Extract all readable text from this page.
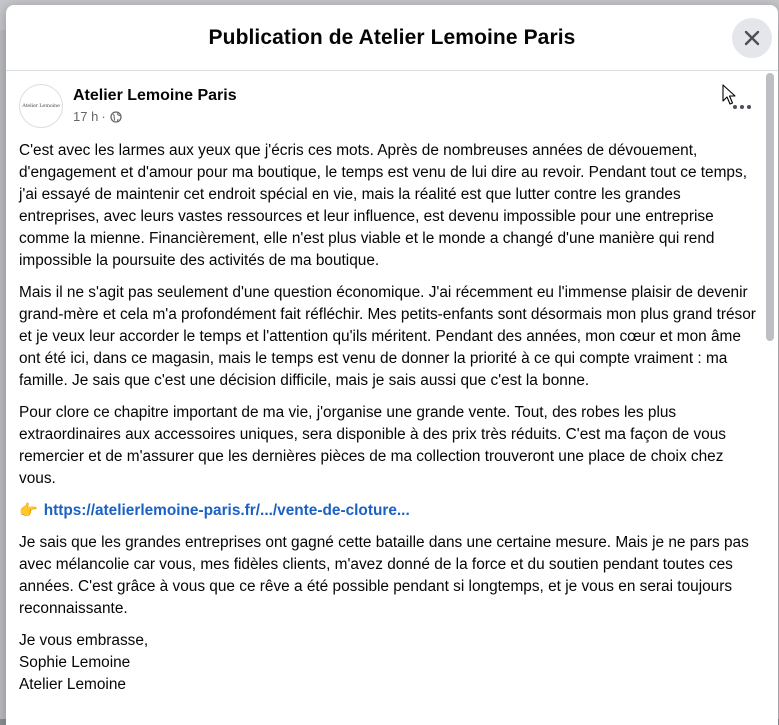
Publication de Atelier Lemoine Paris
Atelier Lemoine
Atelier Lemoine Paris
17 h ·

C'est avec les larmes aux yeux que j'écris ces mots. Après de nombreuses années de dévouement, d'engagement et d'amour pour ma boutique, le temps est venu de lui dire au revoir. Pendant tout ce temps, j'ai essayé de maintenir cet endroit spécial en vie, mais la réalité est que lutter contre les grandes entreprises, avec leurs vastes ressources et leur influence, est devenu impossible pour une entreprise comme la mienne. Financièrement, elle n'est plus viable et le monde a changé d'une manière qui rend impossible la poursuite des activités de ma boutique.

Mais il ne s'agit pas seulement d'une question économique. J'ai récemment eu l'immense plaisir de devenir grand-mère et cela m'a profondément fait réfléchir. Mes petits-enfants sont désormais mon plus grand trésor et je veux leur accorder le temps et l'attention qu'ils méritent. Pendant des années, mon cœur et mon âme ont été ici, dans ce magasin, mais le temps est venu de donner la priorité à ce qui compte vraiment : ma famille. Je sais que c'est une décision difficile, mais je sais aussi que c'est la bonne.

Pour clore ce chapitre important de ma vie, j'organise une grande vente. Tout, des robes les plus extraordinaires aux accessoires uniques, sera disponible à des prix très réduits. C'est ma façon de vous remercier et de m'assurer que les dernières pièces de ma collection trouveront une place de choix chez vous.

👉 https://atelierlemoine-paris.fr/.../vente-de-cloture...

Je sais que les grandes entreprises ont gagné cette bataille dans une certaine mesure. Mais je ne pars pas avec mélancolie car vous, mes fidèles clients, m'avez donné de la force et du soutien pendant toutes ces années. C'est grâce à vous que ce rêve a été possible pendant si longtemps, et je vous en serai toujours reconnaissante.

Je vous embrasse,
Sophie Lemoine
Atelier Lemoine
